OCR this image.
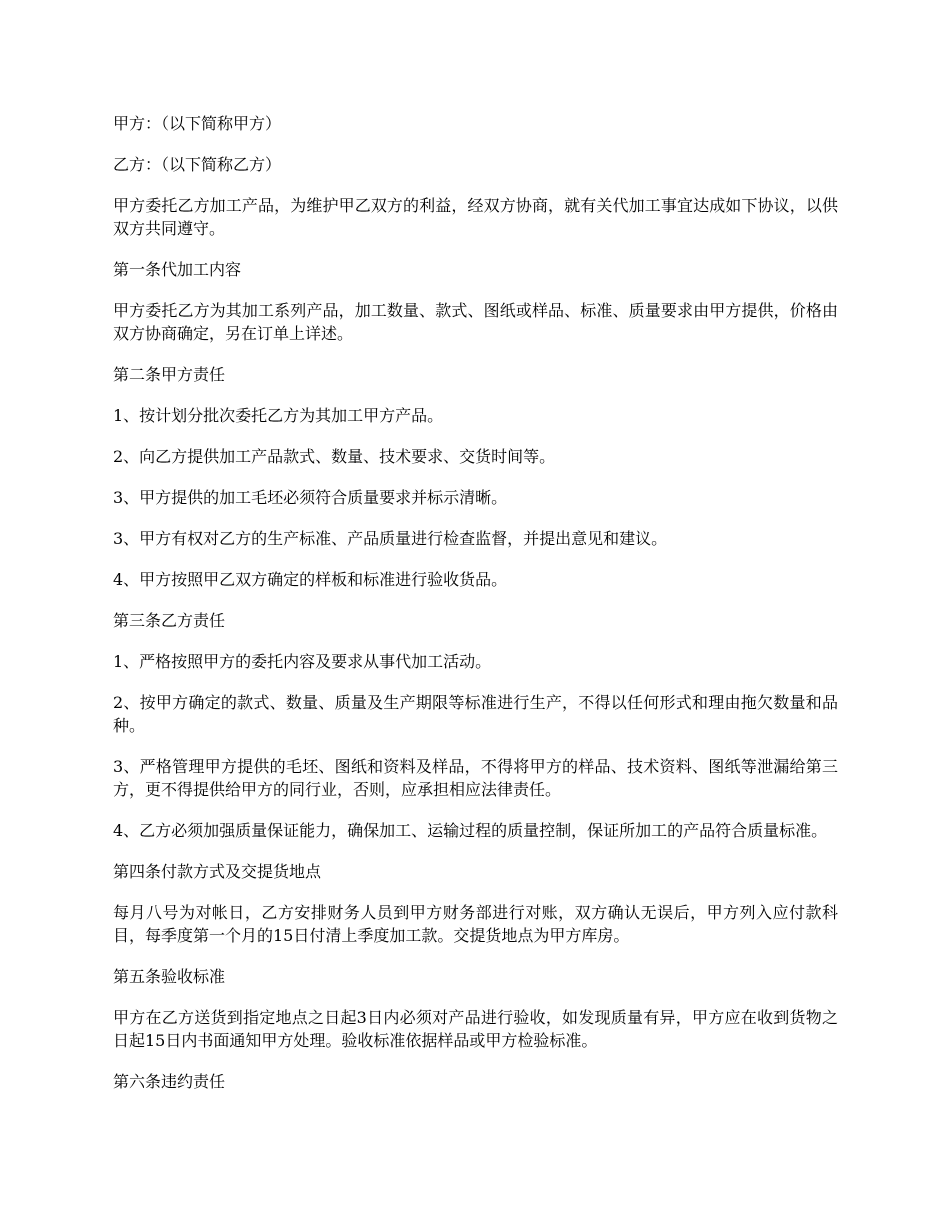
甲方：（以下简称甲方）

乙方：（以下简称乙方）

甲方委托乙方加工产品，为维护甲乙双方的利益，经双方协商，就有关代加工事宜达成如下协议，以供双方共同遵守。

第一条代加工内容

甲方委托乙方为其加工系列产品，加工数量、款式、图纸或样品、标准、质量要求由甲方提供，价格由双方协商确定，另在订单上详述。

第二条甲方责任

1、按计划分批次委托乙方为其加工甲方产品。

2、向乙方提供加工产品款式、数量、技术要求、交货时间等。

3、甲方提供的加工毛坯必须符合质量要求并标示清晰。

3、甲方有权对乙方的生产标准、产品质量进行检查监督，并提出意见和建议。

4、甲方按照甲乙双方确定的样板和标准进行验收货品。

第三条乙方责任

1、严格按照甲方的委托内容及要求从事代加工活动。

2、按甲方确定的款式、数量、质量及生产期限等标准进行生产，不得以任何形式和理由拖欠数量和品种。

3、严格管理甲方提供的毛坯、图纸和资料及样品，不得将甲方的样品、技术资料、图纸等泄漏给第三方，更不得提供给甲方的同行业，否则，应承担相应法律责任。

4、乙方必须加强质量保证能力，确保加工、运输过程的质量控制，保证所加工的产品符合质量标准。

第四条付款方式及交提货地点

每月八号为对帐日，乙方安排财务人员到甲方财务部进行对账，双方确认无误后，甲方列入应付款科目，每季度第一个月的15日付清上季度加工款。交提货地点为甲方库房。

第五条验收标准

甲方在乙方送货到指定地点之日起3日内必须对产品进行验收，如发现质量有异，甲方应在收到货物之日起15日内书面通知甲方处理。验收标准依据样品或甲方检验标准。

第六条违约责任
